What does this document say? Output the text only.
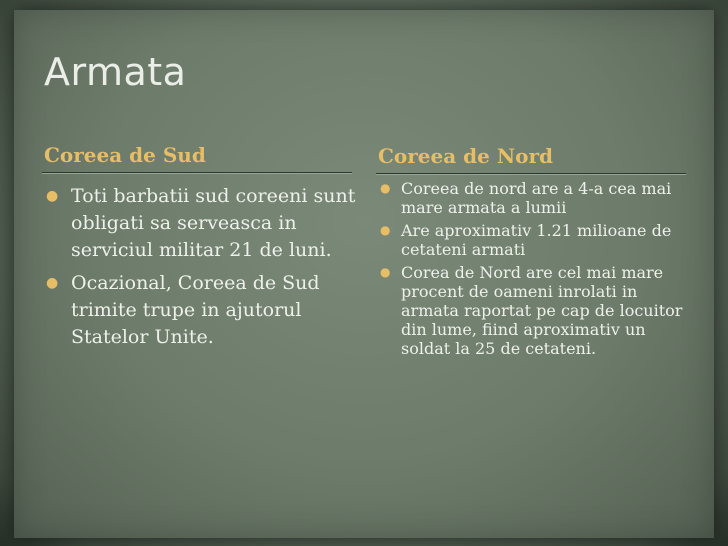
Armata
Coreea de Sud
● Toti barbatii sud coreeni sunt obligati sa serveasca in serviciul militar 21 de luni.
● Ocazional, Coreea de Sud trimite trupe in ajutorul Statelor Unite.
Coreea de Nord
● Coreea de nord are a 4-a cea mai mare armata a lumii
● Are aproximativ 1.21 milioane de cetateni armati
● Corea de Nord are cel mai mare procent de oameni inrolati in armata raportat pe cap de locuitor din lume, fiind aproximativ un soldat la 25 de cetateni.
